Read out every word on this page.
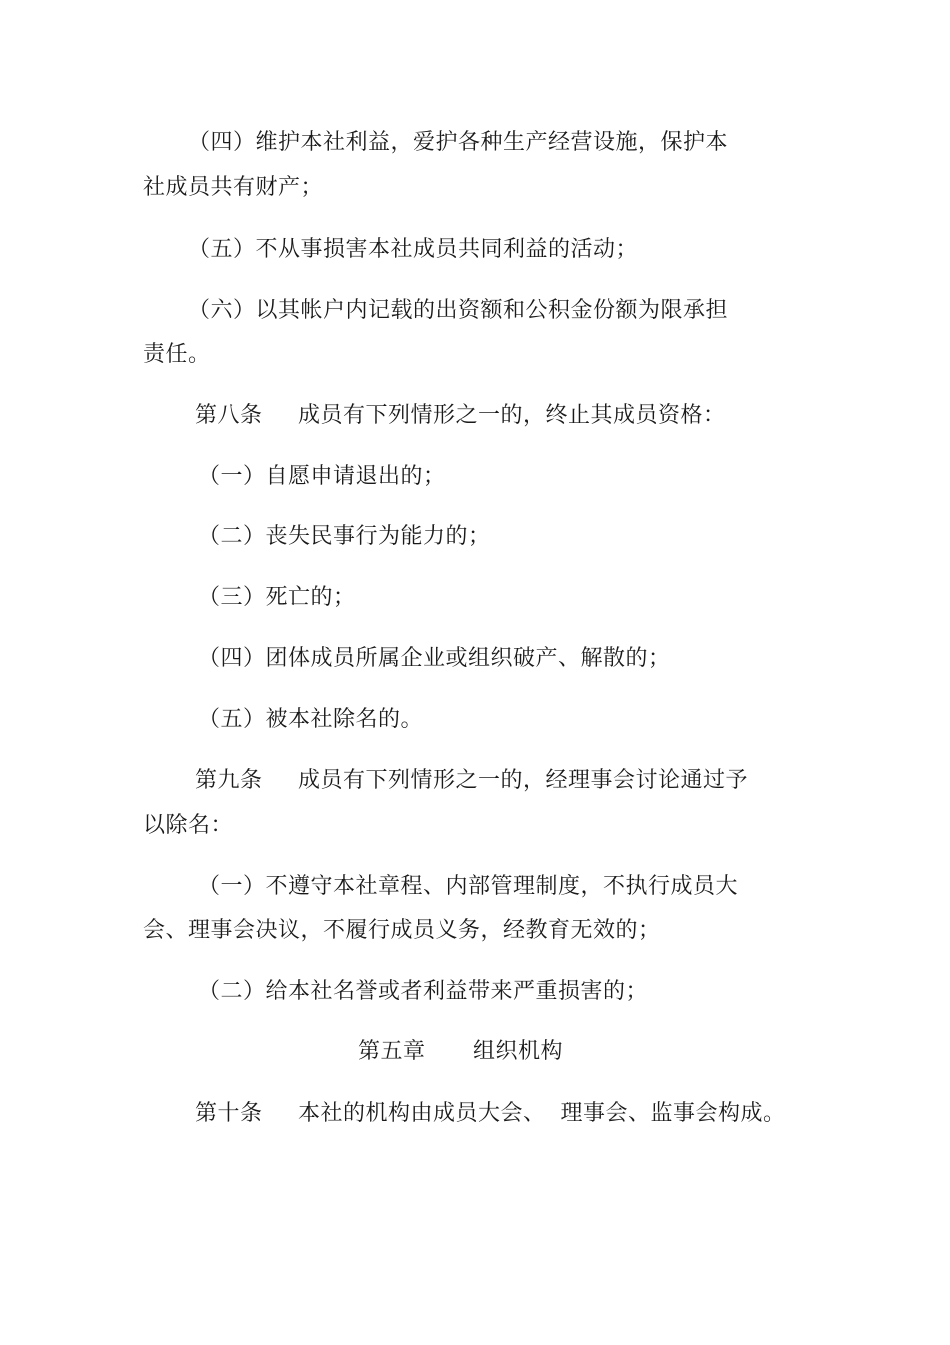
（四）维护本社利益，爱护各种生产经营设施，保护本
社成员共有财产；
（五）不从事损害本社成员共同利益的活动；
（六）以其帐户内记载的出资额和公积金份额为限承担
责任。
第八条 成员有下列情形之一的，终止其成员资格：
（一）自愿申请退出的；
（二）丧失民事行为能力的；
（三）死亡的；
（四）团体成员所属企业或组织破产、解散的；
（五）被本社除名的。
第九条 成员有下列情形之一的，经理事会讨论通过予
以除名：
（一）不遵守本社章程、内部管理制度，不执行成员大
会、理事会决议，不履行成员义务，经教育无效的；
（二）给本社名誉或者利益带来严重损害的；
第五章 组织机构
第十条 本社的机构由成员大会、  理事会、监事会构成。
